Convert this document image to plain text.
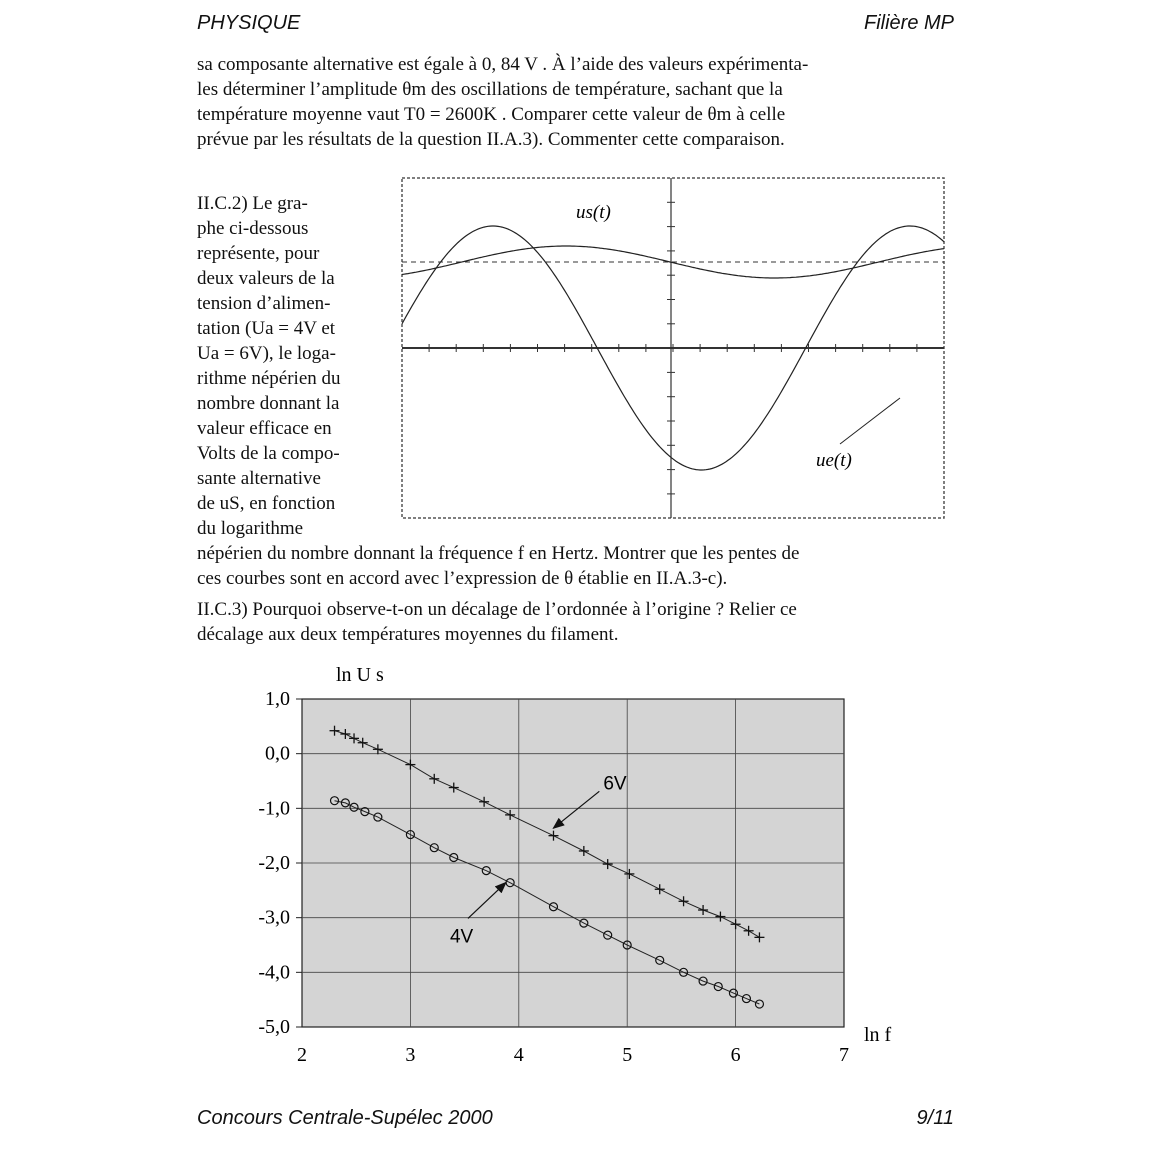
PHYSIQUE	Filière MP

sa composante alternative est égale à 0, 84 V . À l’aide des valeurs expérimenta-

les déterminer l’amplitude θm des oscillations de température, sachant que la

température moyenne vaut T0 = 2600K . Comparer cette valeur de θm à celle

prévue par les résultats de la question II.A.3). Commenter cette comparaison.

II.C.2) Le gra-

phe ci-dessous

représente, pour

deux valeurs de la

tension d’alimen-

tation (Ua = 4V et

Ua = 6V), le loga-

rithme népérien du

nombre donnant la

valeur efficace en

Volts de la compo-

sante alternative

de uS, en fonction

du logarithme

us(t)
ue(t)

népérien du nombre donnant la fréquence f en Hertz. Montrer que les pentes de

ces courbes sont en accord avec l’expression de θ établie en II.A.3-c).

II.C.3) Pourquoi observe-t-on un décalage de l’ordonnée à l’origine ? Relier ce

décalage aux deux températures moyennes du filament.

2	3	4	5	6	7
1,0
0,0
-1,0
-2,0
-3,0
-4,0
-5,0
6V
4V
ln U s
ln f
Concours Centrale-Supélec 2000	9/11
